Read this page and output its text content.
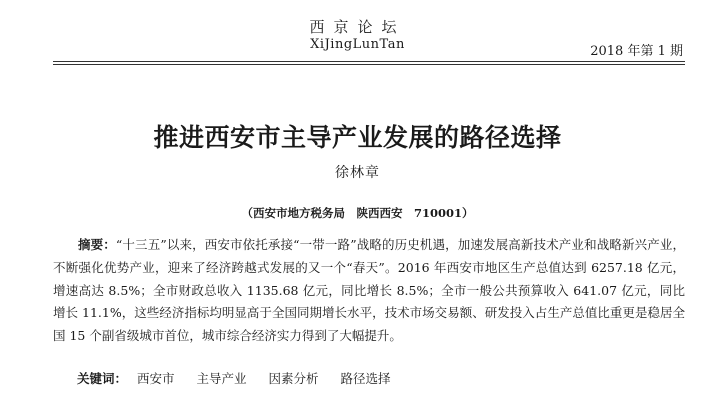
西京论坛
XiJingLunTan	2018 年第 1 期
推进西安市主导产业发展的路径选择
徐林章
（西安市地方税务局　陕西西安　710001）
摘要：“十三五”以来，西安市依托承接“一带一路”战略的历史机遇，加速发展高新技术产业和战略新兴产业，不断强化优势产业，迎来了经济跨越式发展的又一个“春天”。2016 年西安市地区生产总值达到 6257.18 亿元，增速高达 8.5%；全市财政总收入 1135.68 亿元，同比增长 8.5%；全市一般公共预算收入 641.07 亿元，同比增长 11.1%，这些经济指标均明显高于全国同期增长水平，技术市场交易额、研发投入占生产总值比重更是稳居全国 15 个副省级城市首位，城市综合经济实力得到了大幅提升。
关键词： 西安市 主导产业 因素分析 路径选择
